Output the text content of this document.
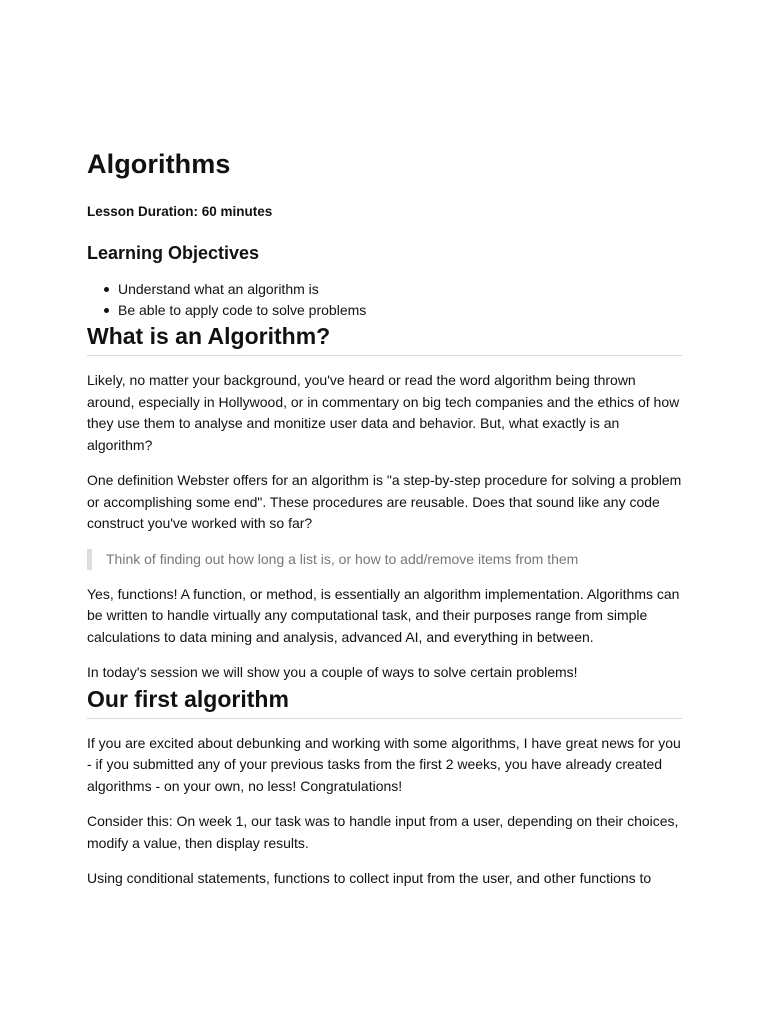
Algorithms
Lesson Duration: 60 minutes
Learning Objectives
Understand what an algorithm is
Be able to apply code to solve problems
What is an Algorithm?

Likely, no matter your background, you've heard or read the word algorithm being thrown around, especially in Hollywood, or in commentary on big tech companies and the ethics of how they use them to analyse and monitize user data and behavior. But, what exactly is an algorithm?

One definition Webster offers for an algorithm is "a step-by-step procedure for solving a problem or accomplishing some end". These procedures are reusable. Does that sound like any code construct you've worked with so far?

Think of finding out how long a list is, or how to add/remove items from them

Yes, functions! A function, or method, is essentially an algorithm implementation. Algorithms can be written to handle virtually any computational task, and their purposes range from simple calculations to data mining and analysis, advanced AI, and everything in between.

In today's session we will show you a couple of ways to solve certain problems!

Our first algorithm

If you are excited about debunking and working with some algorithms, I have great news for you - if you submitted any of your previous tasks from the first 2 weeks, you have already created algorithms - on your own, no less! Congratulations!

Consider this: On week 1, our task was to handle input from a user, depending on their choices, modify a value, then display results.

Using conditional statements, functions to collect input from the user, and other functions to
